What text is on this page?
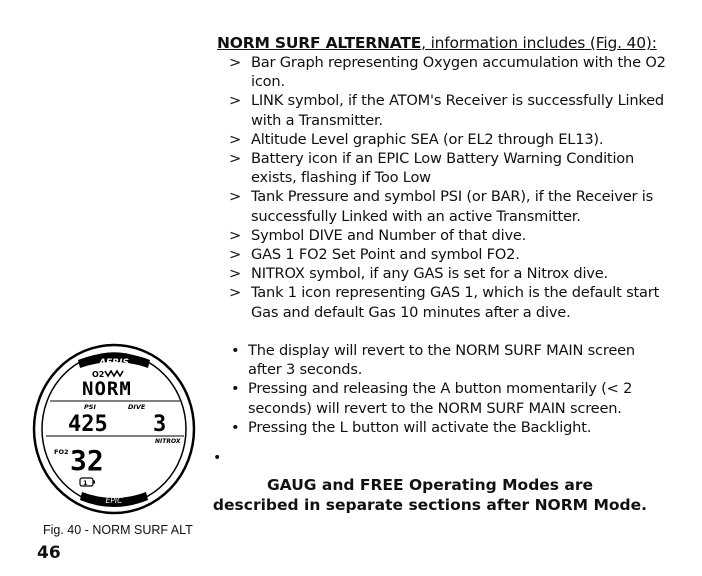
NORM SURF ALTERNATE, information includes (Fig. 40):
> Bar Graph representing Oxygen accumulation with the O2
icon.
> LINK symbol, if the ATOM's Receiver is successfully Linked
with a Transmitter.
> Altitude Level graphic SEA (or EL2 through EL13).
> Battery icon if an EPIC Low Battery Warning Condition
exists, flashing if Too Low
> Tank Pressure and symbol PSI (or BAR), if the Receiver is
successfully Linked with an active Transmitter.
> Symbol DIVE and Number of that dive.
> GAS 1 FO2 Set Point and symbol FO2.
> NITROX symbol, if any GAS is set for a Nitrox dive.
> Tank 1 icon representing GAS 1, which is the default start
Gas and default Gas 10 minutes after a dive.
• The display will revert to the NORM SURF MAIN screen
after 3 seconds.
• Pressing and releasing the A button momentarily (< 2
seconds) will revert to the NORM SURF MAIN screen.
• Pressing the L button will activate the Backlight.
•
GAUG and FREE Operating Modes are
described in separate sections after NORM Mode.
AERIS
O2
NORM
PSI	DIVE
425 3
NITROX
FO2 32
1
EPIC
Fig. 40 - NORM SURF ALT
46
